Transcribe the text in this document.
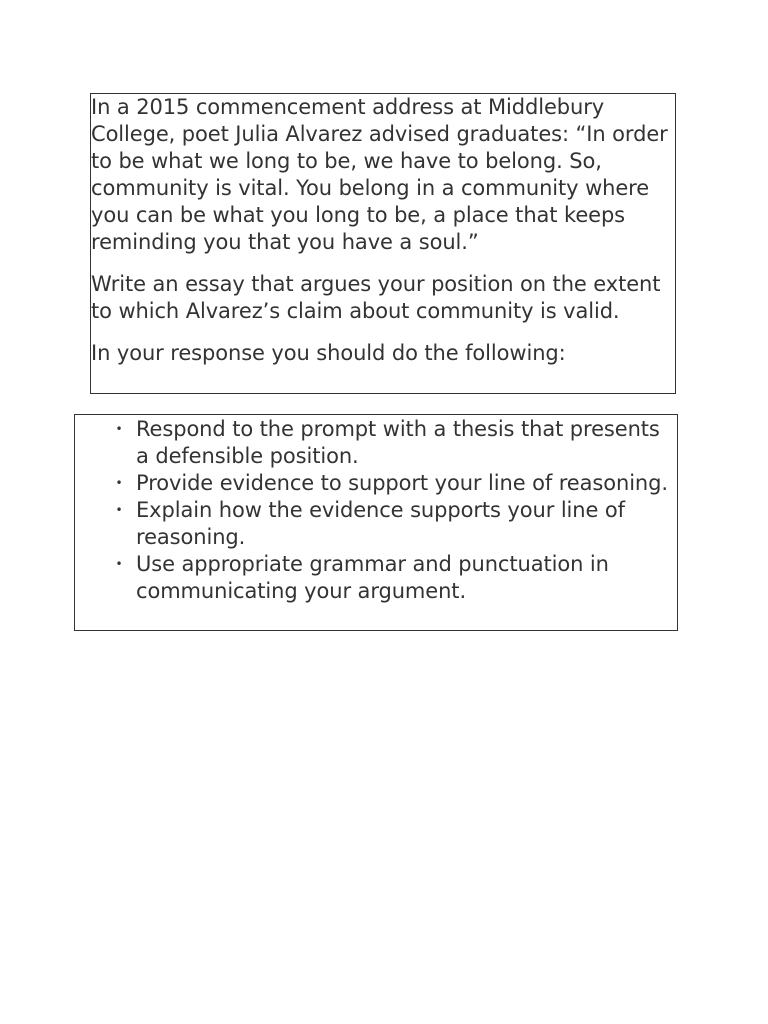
In a 2015 commencement address at Middlebury College, poet Julia Alvarez advised graduates: “In order to be what we long to be, we have to belong. So, community is vital. You belong in a community where you can be what you long to be, a place that keeps reminding you that you have a soul.”

Write an essay that argues your position on the extent to which Alvarez’s claim about community is valid.

In your response you should do the following:

• Respond to the prompt with a thesis that presents a defensible position.
• Provide evidence to support your line of reasoning.
• Explain how the evidence supports your line of reasoning.
• Use appropriate grammar and punctuation in communicating your argument.
